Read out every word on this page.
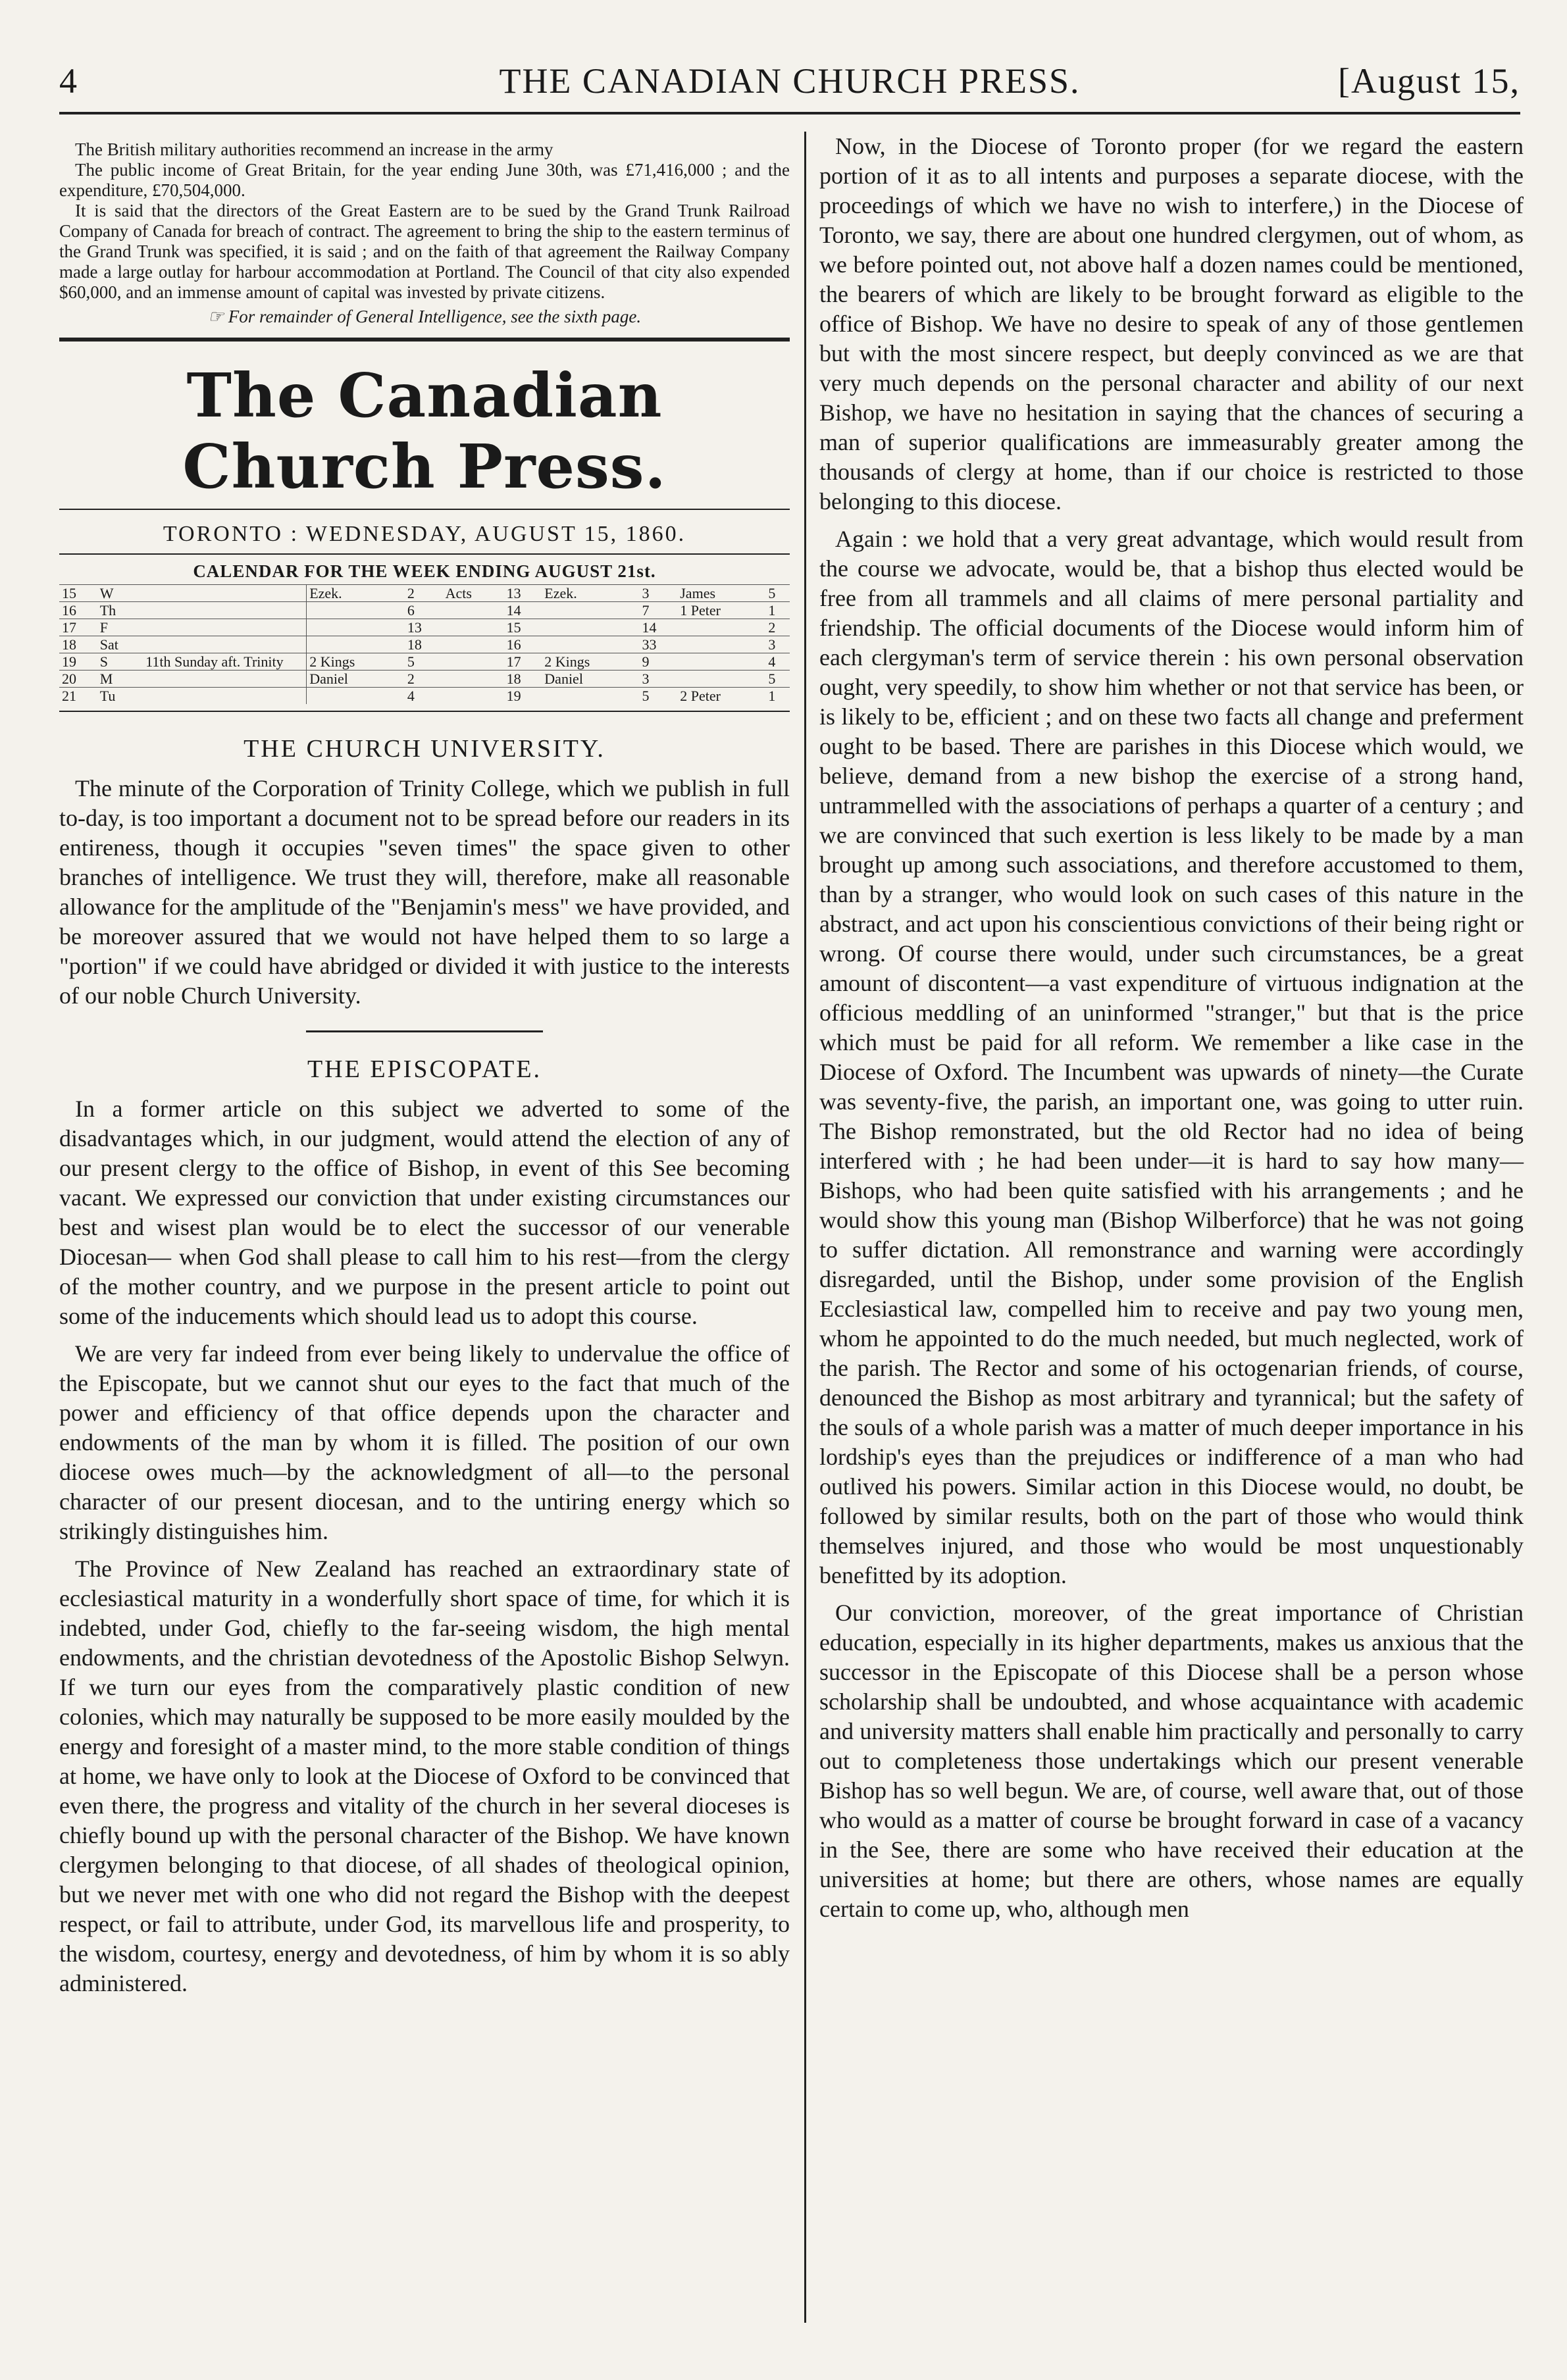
4	THE CANADIAN CHURCH PRESS.	[August 15,

The British military authorities recommend an increase in the army

The public income of Great Britain, for the year ending June 30th, was £71,416,000 ; and the expenditure, £70,504,000.

It is said that the directors of the Great Eastern are to be sued by the Grand Trunk Railroad Company of Canada for breach of contract. The agreement to bring the ship to the eastern terminus of the Grand Trunk was specified, it is said ; and on the faith of that agreement the Railway Company made a large outlay for harbour accommodation at Portland. The Council of that city also expended $60,000, and an immense amount of capital was invested by private citizens.

☞ For remainder of General Intelligence, see the sixth page.
The Canadian Church Press.
TORONTO : WEDNESDAY, AUGUST 15, 1860.
CALENDAR FOR THE WEEK ENDING AUGUST 21st.
15	W		Ezek.	2	Acts	13	Ezek.	3	James	5
16	Th			6		14		7	1 Peter	1
17	F			13		15		14		2
18	Sat			18		16		33		3
19	S	11th Sunday aft. Trinity	2 Kings	5		17	2 Kings	9		4
20	M		Daniel	2		18	Daniel	3		5
21	Tu			4		19		5	2 Peter	1
THE CHURCH UNIVERSITY.

The minute of the Corporation of Trinity College, which we publish in full to-day, is too important a document not to be spread before our readers in its entireness, though it occupies "seven times" the space given to other branches of intelligence. We trust they will, therefore, make all reasonable allowance for the amplitude of the "Benjamin's mess" we have provided, and be moreover assured that we would not have helped them to so large a "portion" if we could have abridged or divided it with justice to the interests of our noble Church University.

THE EPISCOPATE.

In a former article on this subject we adverted to some of the disadvantages which, in our judgment, would attend the election of any of our present clergy to the office of Bishop, in event of this See becoming vacant. We expressed our conviction that under existing circumstances our best and wisest plan would be to elect the successor of our venerable Diocesan— when God shall please to call him to his rest—from the clergy of the mother country, and we purpose in the present article to point out some of the inducements which should lead us to adopt this course.

We are very far indeed from ever being likely to undervalue the office of the Episcopate, but we cannot shut our eyes to the fact that much of the power and efficiency of that office depends upon the character and endowments of the man by whom it is filled. The position of our own diocese owes much—by the acknowledgment of all—to the personal character of our present diocesan, and to the untiring energy which so strikingly distinguishes him.

The Province of New Zealand has reached an extraordinary state of ecclesiastical maturity in a wonderfully short space of time, for which it is indebted, under God, chiefly to the far-seeing wisdom, the high mental endowments, and the christian devotedness of the Apostolic Bishop Selwyn. If we turn our eyes from the comparatively plastic condition of new colonies, which may naturally be supposed to be more easily moulded by the energy and foresight of a master mind, to the more stable condition of things at home, we have only to look at the Diocese of Oxford to be convinced that even there, the progress and vitality of the church in her several dioceses is chiefly bound up with the personal character of the Bishop. We have known clergymen belonging to that diocese, of all shades of theological opinion, but we never met with one who did not regard the Bishop with the deepest respect, or fail to attribute, under God, its marvellous life and prosperity, to the wisdom, courtesy, energy and devotedness, of him by whom it is so ably administered.

Now, in the Diocese of Toronto proper (for we regard the eastern portion of it as to all intents and purposes a separate diocese, with the proceedings of which we have no wish to interfere,) in the Diocese of Toronto, we say, there are about one hundred clergymen, out of whom, as we before pointed out, not above half a dozen names could be mentioned, the bearers of which are likely to be brought forward as eligible to the office of Bishop. We have no desire to speak of any of those gentlemen but with the most sincere respect, but deeply convinced as we are that very much depends on the personal character and ability of our next Bishop, we have no hesitation in saying that the chances of securing a man of superior qualifications are immeasurably greater among the thousands of clergy at home, than if our choice is restricted to those belonging to this diocese.

Again : we hold that a very great advantage, which would result from the course we advocate, would be, that a bishop thus elected would be free from all trammels and all claims of mere personal partiality and friendship. The official documents of the Diocese would inform him of each clergyman's term of service therein : his own personal observation ought, very speedily, to show him whether or not that service has been, or is likely to be, efficient ; and on these two facts all change and preferment ought to be based. There are parishes in this Diocese which would, we believe, demand from a new bishop the exercise of a strong hand, untrammelled with the associations of perhaps a quarter of a century ; and we are convinced that such exertion is less likely to be made by a man brought up among such associations, and therefore accustomed to them, than by a stranger, who would look on such cases of this nature in the abstract, and act upon his conscientious convictions of their being right or wrong. Of course there would, under such circumstances, be a great amount of discontent—a vast expenditure of virtuous indignation at the officious meddling of an uninformed "stranger," but that is the price which must be paid for all reform. We remember a like case in the Diocese of Oxford. The Incumbent was upwards of ninety—the Curate was seventy-five, the parish, an important one, was going to utter ruin. The Bishop remonstrated, but the old Rector had no idea of being interfered with ; he had been under—it is hard to say how many—Bishops, who had been quite satisfied with his arrangements ; and he would show this young man (Bishop Wilberforce) that he was not going to suffer dictation. All remonstrance and warning were accordingly disregarded, until the Bishop, under some provision of the English Ecclesiastical law, compelled him to receive and pay two young men, whom he appointed to do the much needed, but much neglected, work of the parish. The Rector and some of his octogenarian friends, of course, denounced the Bishop as most arbitrary and tyrannical; but the safety of the souls of a whole parish was a matter of much deeper importance in his lordship's eyes than the prejudices or indifference of a man who had outlived his powers. Similar action in this Diocese would, no doubt, be followed by similar results, both on the part of those who would think themselves injured, and those who would be most unquestionably benefitted by its adoption.

Our conviction, moreover, of the great importance of Christian education, especially in its higher departments, makes us anxious that the successor in the Episcopate of this Diocese shall be a person whose scholarship shall be undoubted, and whose acquaintance with academic and university matters shall enable him practically and personally to carry out to completeness those undertakings which our present venerable Bishop has so well begun. We are, of course, well aware that, out of those who would as a matter of course be brought forward in case of a vacancy in the See, there are some who have received their education at the universities at home; but there are others, whose names are equally certain to come up, who, although men
